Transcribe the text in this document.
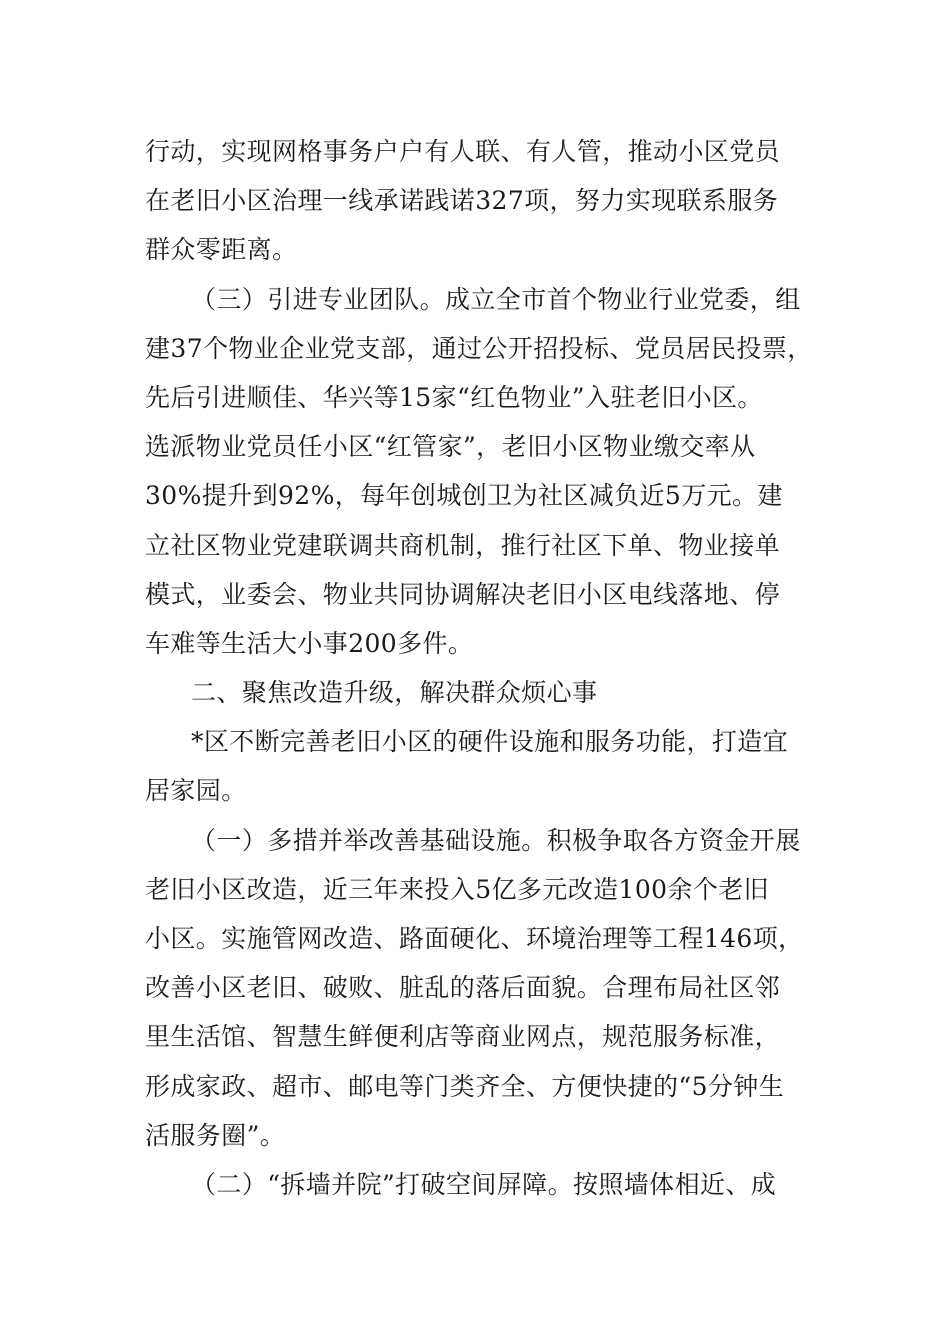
行动，实现网格事务户户有人联、有人管，推动小区党员
在老旧小区治理一线承诺践诺327项，努力实现联系服务
群众零距离。
（三）引进专业团队。成立全市首个物业行业党委，组
建37个物业企业党支部，通过公开招投标、党员居民投票，
先后引进顺佳、华兴等15家“红色物业”入驻老旧小区。
选派物业党员任小区“红管家”，老旧小区物业缴交率从
30%提升到92%，每年创城创卫为社区减负近5万元。建
立社区物业党建联调共商机制，推行社区下单、物业接单
模式，业委会、物业共同协调解决老旧小区电线落地、停
车难等生活大小事200多件。
二、聚焦改造升级，解决群众烦心事
*区不断完善老旧小区的硬件设施和服务功能，打造宜
居家园。
（一）多措并举改善基础设施。积极争取各方资金开展
老旧小区改造，近三年来投入5亿多元改造100余个老旧
小区。实施管网改造、路面硬化、环境治理等工程146项，
改善小区老旧、破败、脏乱的落后面貌。合理布局社区邻
里生活馆、智慧生鲜便利店等商业网点，规范服务标准，
形成家政、超市、邮电等门类齐全、方便快捷的“5分钟生
活服务圈”。
（二）“拆墙并院”打破空间屏障。按照墙体相近、成
